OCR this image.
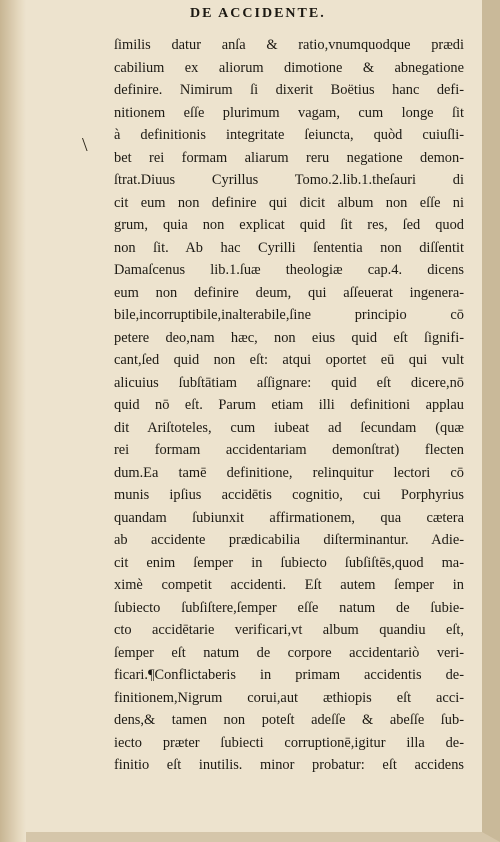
DE ACCIDENTE.
\
ſimilis datur anſa & ratio,vnumquodque prædi
cabilium ex aliorum dimotione & abnegatione
definire. Nimirum ſi dixerit Boëtius hanc defi-
nitionem eſſe plurimum vagam, cum longe ſit
à definitionis integritate ſeiuncta, quòd cuiuſli-
bet rei formam aliarum reru negatione demon-
ſtrat.Diuus Cyrillus Tomo.2.lib.1.theſauri di
cit eum non definire qui dicit album non eſſe ni
grum, quia non explicat quid ſit res, ſed quod
non ſit. Ab hac Cyrilli ſententia non diſſentit
Damaſcenus lib.1.ſuæ theologiæ cap.4. dicens
eum non definire deum, qui aſſeuerat ingenera-
bile,incorruptibile,inalterabile,ſine principio cō
petere deo,nam hæc, non eius quid eſt ſignifi-
cant,ſed quid non eſt: atqui oportet eū qui vult
alicuius ſubſtātiam aſſignare: quid eſt dicere,nō
quid nō eſt. Parum etiam illi definitioni applau
dit Ariſtoteles, cum iubeat ad ſecundam (quæ
rei formam accidentariam demonſtrat) flecten
dum.Ea tamē definitione, relinquitur lectori cō
munis ipſius accidētis cognitio, cui Porphyrius
quandam ſubiunxit affirmationem, qua cætera
ab accidente prædicabilia diſterminantur. Adie-
cit enim ſemper in ſubiecto ſubſiſtēs,quod ma-
ximè competit accidenti. Eſt autem ſemper in
ſubiecto ſubſiſtere,ſemper eſſe natum de ſubie-
cto accidētarie verificari,vt album quandiu eſt,
ſemper eſt natum de corpore accidentariò veri-
ficari.¶Conflictaberis in primam accidentis de-
finitionem,Nigrum corui,aut æthiopis eſt acci-
dens,& tamen non poteſt adeſſe & abeſſe ſub-
iecto præter ſubiecti corruptionē,igitur illa de-
finitio eſt inutilis. minor probatur: eſt accidens
